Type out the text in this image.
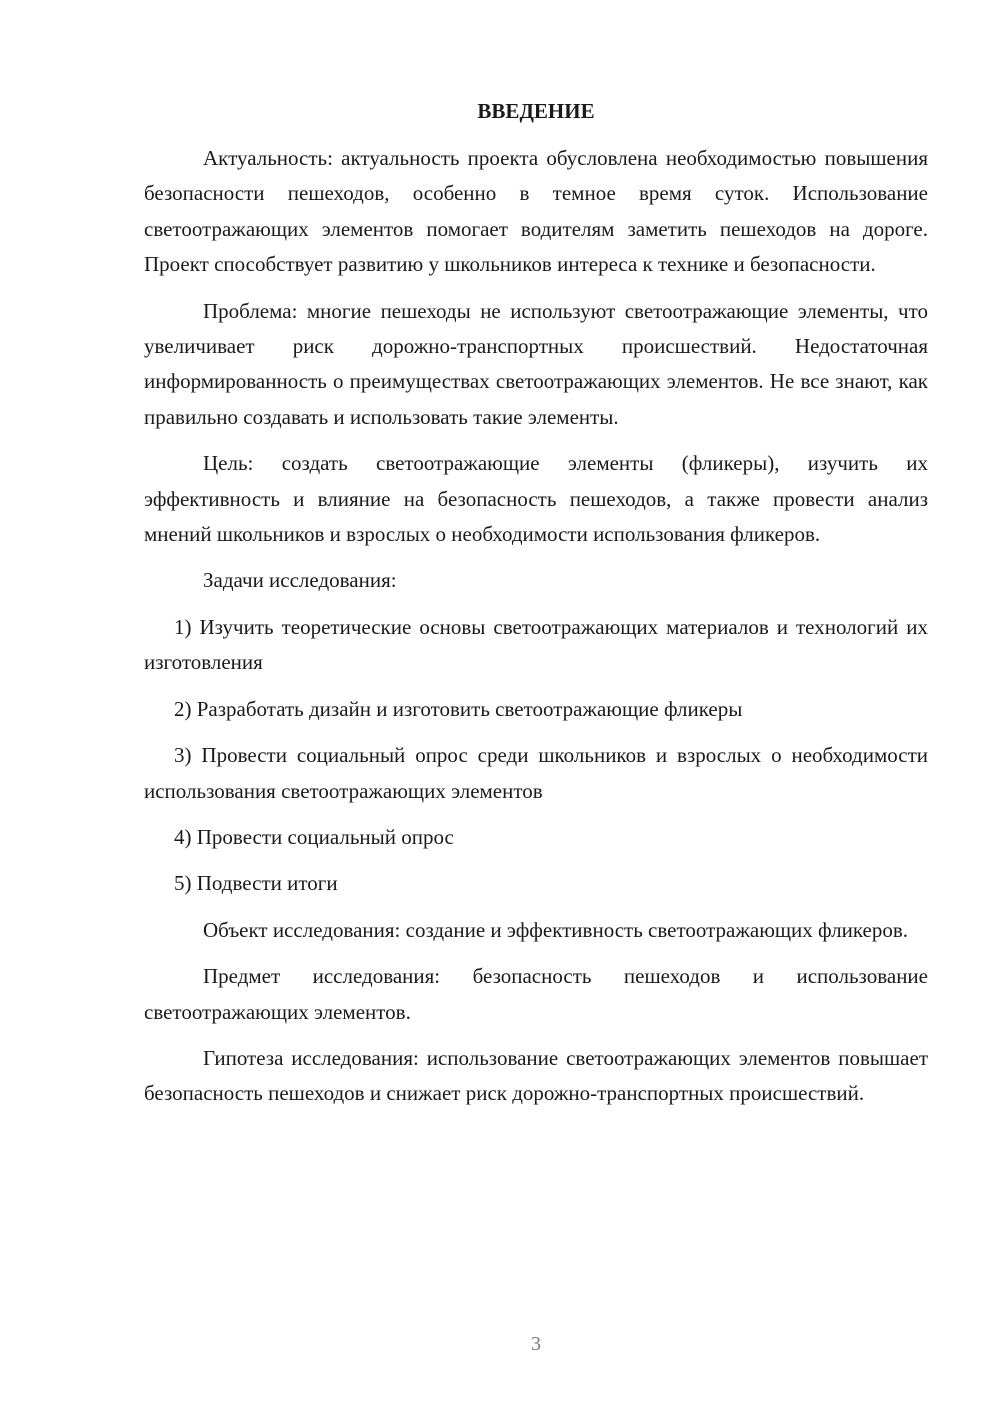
ВВЕДЕНИЕ

Актуальность: актуальность проекта обусловлена необходимостью повышения безопасности пешеходов, особенно в темное время суток. Использование светоотражающих элементов помогает водителям заметить пешеходов на дороге. Проект способствует развитию у школьников интереса к технике и безопасности.

Проблема: многие пешеходы не используют светоотражающие элементы, что увеличивает риск дорожно-транспортных происшествий. Недостаточная информированность о преимуществах светоотражающих элементов. Не все знают, как правильно создавать и использовать такие элементы.

Цель: создать светоотражающие элементы (фликеры), изучить их эффективность и влияние на безопасность пешеходов, а также провести анализ мнений школьников и взрослых о необходимости использования фликеров.

Задачи исследования:

1) Изучить теоретические основы светоотражающих материалов и технологий их изготовления

2) Разработать дизайн и изготовить светоотражающие фликеры

3) Провести социальный опрос среди школьников и взрослых о необходимости использования светоотражающих элементов

4) Провести социальный опрос

5) Подвести итоги

Объект исследования: создание и эффективность светоотражающих фликеров.

Предмет исследования: безопасность пешеходов и использование светоотражающих элементов.

Гипотеза исследования: использование светоотражающих элементов повышает безопасность пешеходов и снижает риск дорожно-транспортных происшествий.

3
